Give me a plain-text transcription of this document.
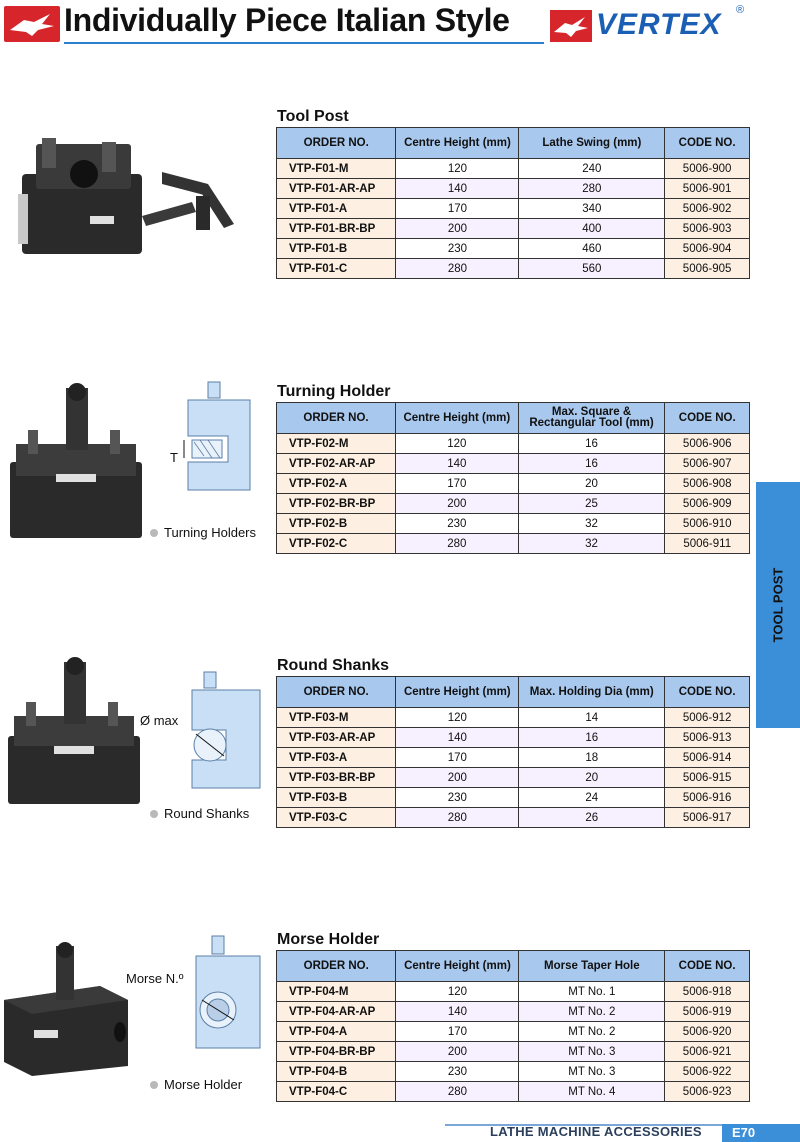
Individually Piece Italian Style	VERTEX ®
Tool Post
ORDER NO.	Centre Height (mm)	Lathe Swing (mm)	CODE NO.
VTP-F01-M	120	240	5006-900
VTP-F01-AR-AP	140	280	5006-901
VTP-F01-A	170	340	5006-902
VTP-F01-BR-BP	200	400	5006-903
VTP-F01-B	230	460	5006-904
VTP-F01-C	280	560	5006-905
T
Turning Holders
Turning Holder
ORDER NO.	Centre Height (mm)	Max. Square & Rectangular Tool (mm)	CODE NO.
VTP-F02-M	120	16	5006-906
VTP-F02-AR-AP	140	16	5006-907
VTP-F02-A	170	20	5006-908
VTP-F02-BR-BP	200	25	5006-909
VTP-F02-B	230	32	5006-910
VTP-F02-C	280	32	5006-911
Ø max
Round Shanks
Round Shanks
ORDER NO.	Centre Height (mm)	Max. Holding Dia (mm)	CODE NO.
VTP-F03-M	120	14	5006-912
VTP-F03-AR-AP	140	16	5006-913
VTP-F03-A	170	18	5006-914
VTP-F03-BR-BP	200	20	5006-915
VTP-F03-B	230	24	5006-916
VTP-F03-C	280	26	5006-917
Morse N.º
Morse Holder
Morse Holder
ORDER NO.	Centre Height (mm)	Morse Taper Hole	CODE NO.
VTP-F04-M	120	MT No. 1	5006-918
VTP-F04-AR-AP	140	MT No. 2	5006-919
VTP-F04-A	170	MT No. 2	5006-920
VTP-F04-BR-BP	200	MT No. 3	5006-921
VTP-F04-B	230	MT No. 3	5006-922
VTP-F04-C	280	MT No. 4	5006-923
TOOL POST
LATHE MACHINE ACCESSORIES	E70
